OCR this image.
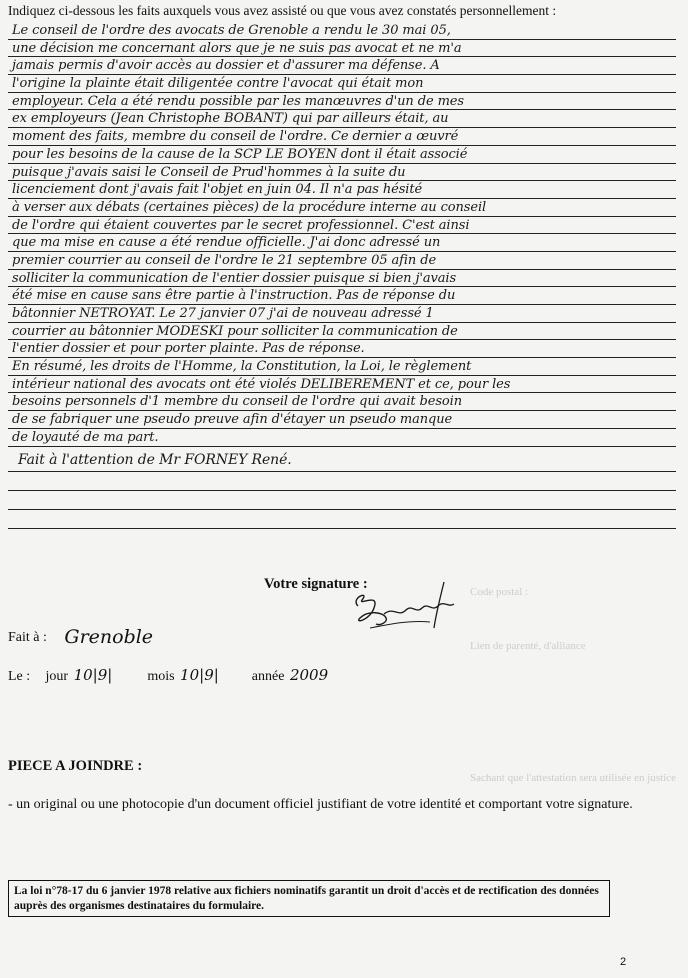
Indiquez ci-dessous les faits auxquels vous avez assisté ou que vous avez constatés personnellement :

Le conseil de l'ordre des avocats de Grenoble a rendu le 30 mai 05,
une décision me concernant alors que je ne suis pas avocat et ne m'a
jamais permis d'avoir accès au dossier et d'assurer ma défense. A
l'origine la plainte était diligentée contre l'avocat qui était mon
employeur. Cela a été rendu possible par les manœuvres d'un de mes
ex employeurs (Jean Christophe BOBANT) qui par ailleurs était, au
moment des faits, membre du conseil de l'ordre. Ce dernier a œuvré
pour les besoins de la cause de la SCP LE BOYEN dont il était associé
puisque j'avais saisi le Conseil de Prud'hommes à la suite du
licenciement dont j'avais fait l'objet en juin 04. Il n'a pas hésité
à verser aux débats (certaines pièces) de la procédure interne au conseil
de l'ordre qui étaient couvertes par le secret professionnel. C'est ainsi
que ma mise en cause a été rendue officielle. J'ai donc adressé un
premier courrier au conseil de l'ordre le 21 septembre 05 afin de
solliciter la communication de l'entier dossier puisque si bien j'avais
été mise en cause sans être partie à l'instruction. Pas de réponse du
bâtonnier NETROYAT. Le 27 janvier 07 j'ai de nouveau adressé 1
courrier au bâtonnier MODESKI pour solliciter la communication de
l'entier dossier et pour porter plainte. Pas de réponse.
En résumé, les droits de l'Homme, la Constitution, la Loi, le règlement
intérieur national des avocats ont été violés DELIBEREMENT et ce, pour les
besoins personnels d'1 membre du conseil de l'ordre qui avait besoin
de se fabriquer une pseudo preuve afin d'étayer un pseudo manque
de loyauté de ma part.
Fait à l'attention de Mr FORNEY René.
Code postal :
Lien de parenté, d'alliance
Sachant que l'attestation sera utilisée en justice
Votre signature :
Fait à : Grenoble
Le : jour 10|9|	mois 10|9| année 2009
PIECE A JOINDRE :

- un original ou une photocopie d'un document officiel justifiant de votre identité et comportant votre signature.

La loi n°78-17 du 6 janvier 1978 relative aux fichiers nominatifs garantit un droit d'accès et de rectification des données auprès des organismes destinataires du formulaire.
2
